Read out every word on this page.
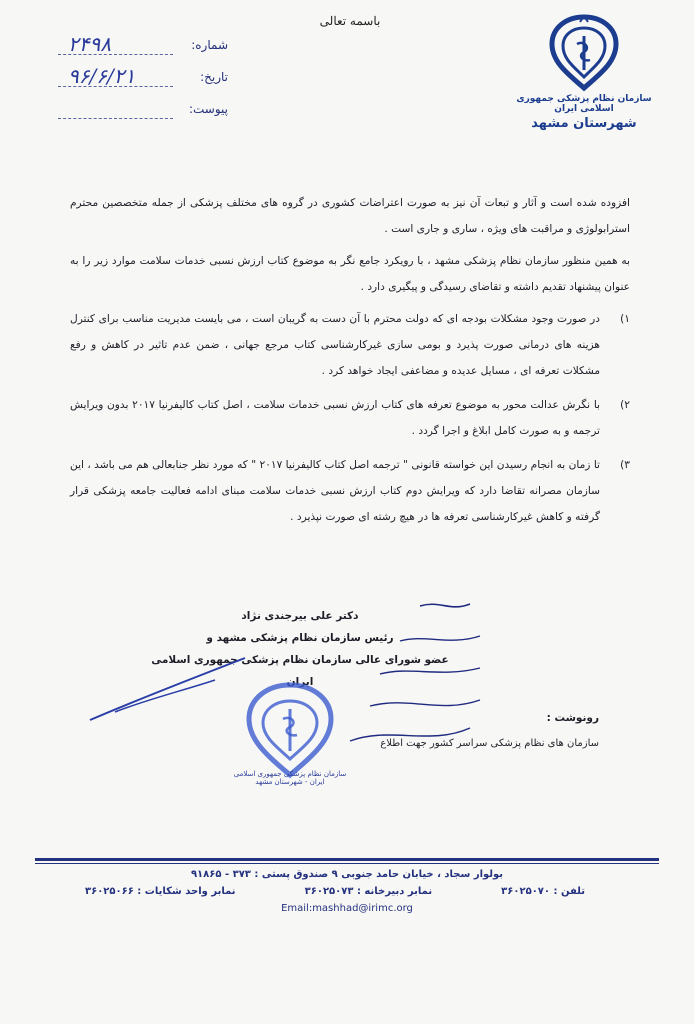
باسمه تعالی
شماره:
۲۴۹۸
تاریخ:
۹۶/۶/۲۱
پیوست:
سازمان نظام پزشکی جمهوری اسلامی ایران
شهرستان مشهد

افزوده شده است و آثار و تبعات آن نیز به صورت اعتراضات کشوری در گروه های مختلف پزشکی از جمله متخصصین محترم استرابولوژی و مراقبت های ویژه ، ساری و جاری است .

به همین منظور سازمان نظام پزشکی مشهد ، با رویکرد جامع نگر به موضوع کتاب ارزش نسبی خدمات سلامت موارد زیر را به عنوان پیشنهاد تقدیم داشته و تقاضای رسیدگی و پیگیری دارد .

۱)
در صورت وجود مشکلات بودجه ای که دولت محترم با آن دست به گریبان است ، می بایست مدیریت مناسب برای کنترل هزینه های درمانی صورت پذیرد و بومی سازی غیرکارشناسی کتاب مرجع جهانی ، ضمن عدم تاثیر در کاهش و رفع مشکلات تعرفه ای ، مسایل عدیده و مضاعفی ایجاد خواهد کرد .
۲)
با نگرش عدالت محور به موضوع تعرفه های کتاب ارزش نسبی خدمات سلامت ، اصل کتاب کالیفرنیا ۲۰۱۷ بدون ویرایش ترجمه و به صورت کامل ابلاغ و اجرا گردد .
۳)
تا زمان به انجام رسیدن این خواسته قانونی " ترجمه اصل کتاب کالیفرنیا ۲۰۱۷ " که مورد نظر جنابعالی هم می باشد ، این سازمان مصرانه تقاضا دارد که ویرایش دوم کتاب ارزش نسبی خدمات سلامت مبنای ادامه فعالیت جامعه پزشکی قرار گرفته و کاهش غیرکارشناسی تعرفه ها در هیچ رشته ای صورت نپذیرد .
دکتر علی بیرجندی نژاد
رئیس سازمان نظام پزشکی مشهد و
عضو شورای عالی سازمان نظام پزشکی جمهوری اسلامی ایران
سازمان نظام پزشکی جمهوری اسلامی ایران - شهرستان مشهد
رونوشت :
سازمان های نظام پزشکی سراسر کشور جهت اطلاع
بولوار سجاد ، خیابان حامد جنوبی ۹ صندوق پستی : ۳۷۳ - ۹۱۸۶۵
تلفن : ۳۶۰۲۵۰۷۰
نمابر دبیرخانه : ۳۶۰۲۵۰۷۳
نمابر واحد شکایات : ۳۶۰۲۵۰۶۶
Email:mashhad@irimc.org
